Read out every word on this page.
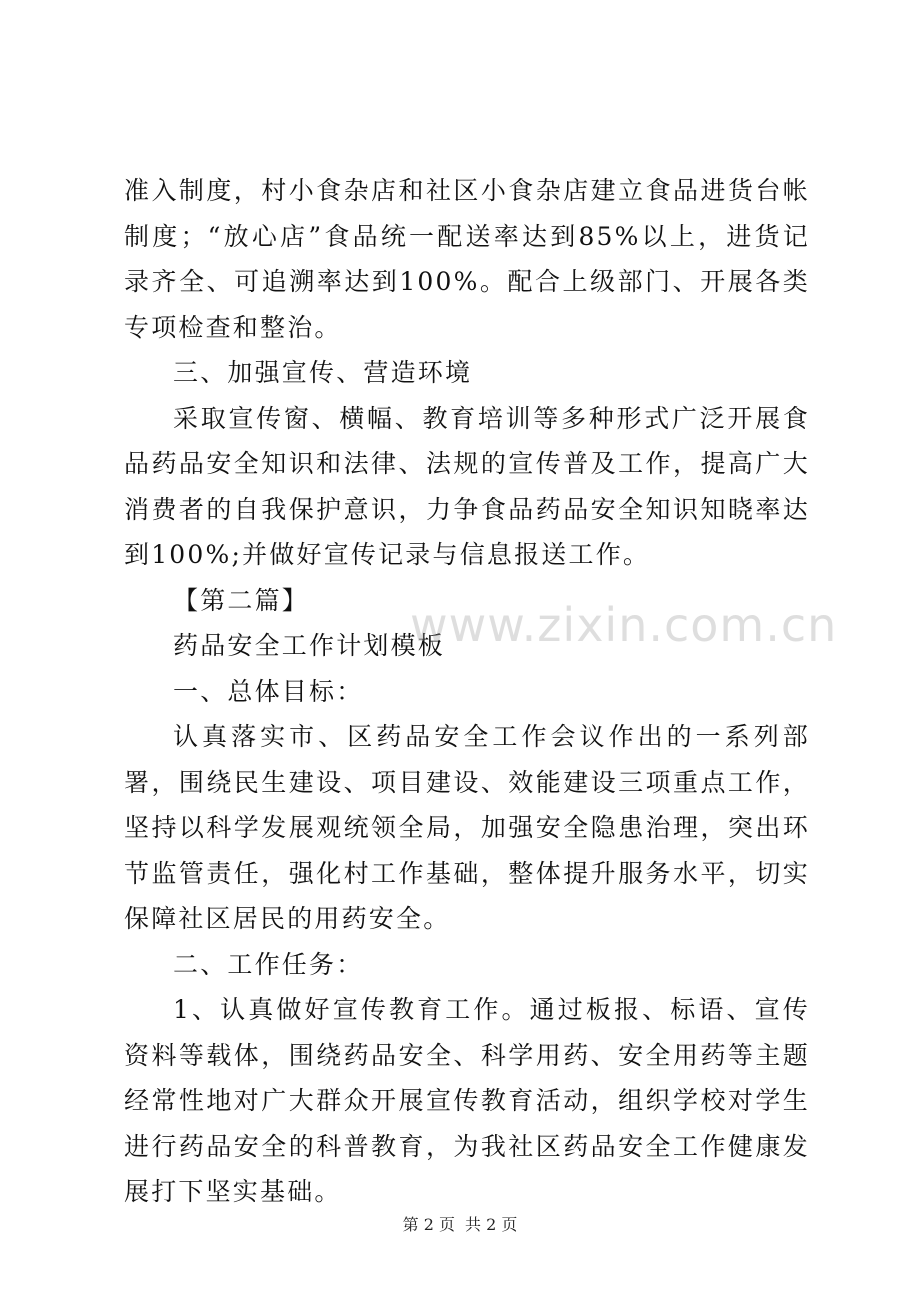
准入制度，村小食杂店和社区小食杂店建立食品进货台帐制度；“放心店”食品统一配送率达到85%以上，进货记录齐全、可追溯率达到100%。配合上级部门、开展各类专项检查和整治。

三、加强宣传、营造环境

采取宣传窗、横幅、教育培训等多种形式广泛开展食品药品安全知识和法律、法规的宣传普及工作，提高广大消费者的自我保护意识，力争食品药品安全知识知晓率达到100%;并做好宣传记录与信息报送工作。

【第二篇】

药品安全工作计划模板

一、总体目标：

认真落实市、区药品安全工作会议作出的一系列部署，围绕民生建设、项目建设、效能建设三项重点工作，坚持以科学发展观统领全局，加强安全隐患治理，突出环节监管责任，强化村工作基础，整体提升服务水平，切实保障社区居民的用药安全。

二、工作任务：

1、认真做好宣传教育工作。通过板报、标语、宣传资料等载体，围绕药品安全、科学用药、安全用药等主题经常性地对广大群众开展宣传教育活动，组织学校对学生进行药品安全的科普教育，为我社区药品安全工作健康发展打下坚实基础。

www.zixin.com.cn
第 2 页 共 2 页
